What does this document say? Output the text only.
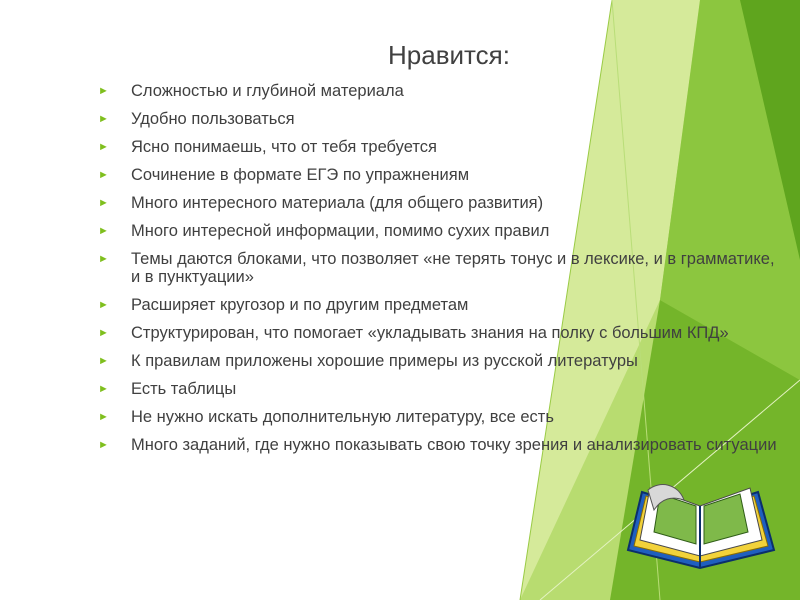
Нравится:
► Сложностью и глубиной материала
► Удобно пользоваться
► Ясно понимаешь, что от тебя требуется
► Сочинение в формате ЕГЭ по упражнениям
► Много интересного материала (для общего развития)
► Много интересной информации, помимо сухих правил
► Темы даются блоками, что позволяет «не терять тонус и в лексике, и в грамматике, и в пунктуации»
► Расширяет кругозор и по другим предметам
► Структурирован, что помогает «укладывать знания на полку с большим КПД»
► К правилам приложены хорошие примеры из русской литературы
► Есть таблицы
► Не нужно искать дополнительную литературу, все есть
► Много заданий, где нужно показывать свою точку зрения и анализировать ситуации
